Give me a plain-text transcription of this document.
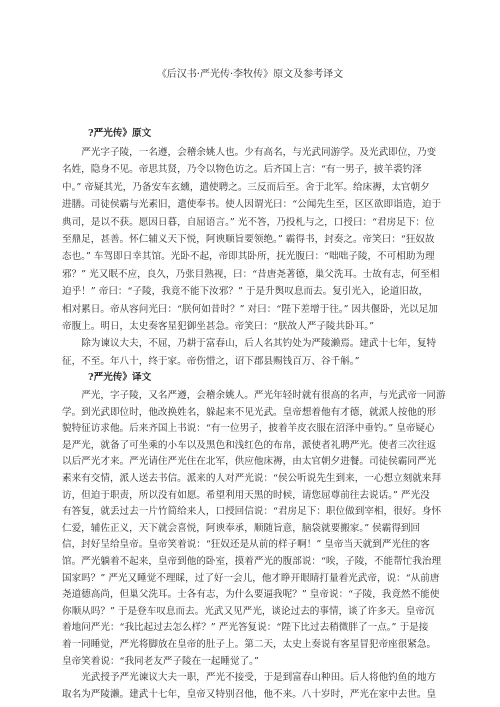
《后汉书·严光传·李牧传》原文及参考译文
?严光传》原文
严光字子陵，一名遵，会稽余姚人也。少有高名，与光武同游学。及光武即位，乃变
名姓，隐身不见。帝思其贤，乃令以物色访之。后齐国上言：“有一男子，披羊裘钓泽
中。” 帝疑其光，乃备安车玄纁，遣使聘之。三反而后至。舍于北军。给床褥，太官朝夕
进膳。司徒侯霸与光素旧，遣使奉书。使人因谓光曰：“公闻先生至，区区欲即诣造，迫于
典司，是以不获。愿因日暮，自屈语言。” 光不答，乃投札与之，口授曰：“君房足下：位
至鼎足，甚善。怀仁辅义天下悦，阿谀顺旨要领绝。” 霸得书，封奏之。帝笑曰：“狂奴故
态也。” 车驾即日幸其馆。光卧不起，帝即其卧所，抚光腹曰：“咄咄子陵，不可相助为理
邪？” 光又眠不应，良久，乃张目熟视，曰：“昔唐尧著德，巢父洗耳。士故有志，何至相
迫乎！” 帝曰：“子陵，我竟不能下汝邪？” 于是升舆叹息而去。复引光入，论道旧故，
相对累日。帝从容问光曰：“朕何如昔时？” 对曰：“陛下差增于往。” 因共偃卧，光以足加
帝腹上。明日，太史奏客星犯御坐甚急。帝笑曰：“朕故人严子陵共卧耳。”
除为谏议大夫，不屈，乃耕于富春山，后人名其钓处为严陵濑焉。建武十七年，复特
征，不至。年八十，终于家。帝伤惜之，诏下郡县赐钱百万、谷千斛。”
?严光传》译文
严光，字子陵，又名严遵，会稽余姚人。严光年轻时就有很高的名声，与光武帝一同游
学。到光武即位时，他改换姓名，躲起来不见光武。皇帝想着他有才德，就派人按他的形
貌特征访求他。后来齐国上书说：“有一位男子，披着羊皮衣服在沼泽中垂钓。” 皇帝疑心
是严光，就备了可坐乘的小车以及黑色和浅红色的布帛，派使者礼聘严光。使者三次往返
以后严光才来。严光请住严光住在北军，供应他床褥，由太官朝夕进餐。司徒侯霸同严光
素来有交情，派人送去书信。派来的人对严光说：“侯公听说先生到来，一心想立刻就来拜
访，但迫于职责，所以没有如愿。希望利用天黑的时候，请您屈尊前往去说话。” 严光没
有答复，就丢过去一片竹简给来人，口授回信说：“君房足下：职位做到宰相，很好。身怀
仁爱，辅佐正义，天下就会喜悦，阿谀奉承，顺随旨意，脑袋就要搬家。” 侯霸得到回
信，封好呈给皇帝。皇帝笑着说：“狂奴还是从前的样子啊！” 皇帝当天就到严光住的客
馆。严光躺着不起来，皇帝到他的卧室，摸着严光的腹部说：“唉，子陵，不能帮忙我治理
国家吗？” 严光又睡觉不理睬，过了好一会儿，他才睁开眼睛打量着光武帝，说：“从前唐
尧道德高尚，但巢父洗耳。士各有志，为什么要逼我呢？” 皇帝说：“子陵，我竟然不能使
你顺从吗？” 于是登车叹息而去。光武又见严光，谈论过去的事情，谈了许多天。皇帝沉
着地问严光：“我比起过去怎么样？” 严光答复说：“陛下比过去稍微胖了一点。” 于是接
着一同睡觉，严光将脚放在皇帝的肚子上。第二天，太史上奏说有客星冒犯帝座很紧急。
皇帝笑着说：“我同老友严子陵在一起睡觉了。”
光武授予严光谏议大夫一职，严光不接受，于是到富春山种田。后人将他钓鱼的地方
取名为严陵濑。建武十七年，皇帝又特别召他，他不来。八十岁时，严光在家中去世。皇
